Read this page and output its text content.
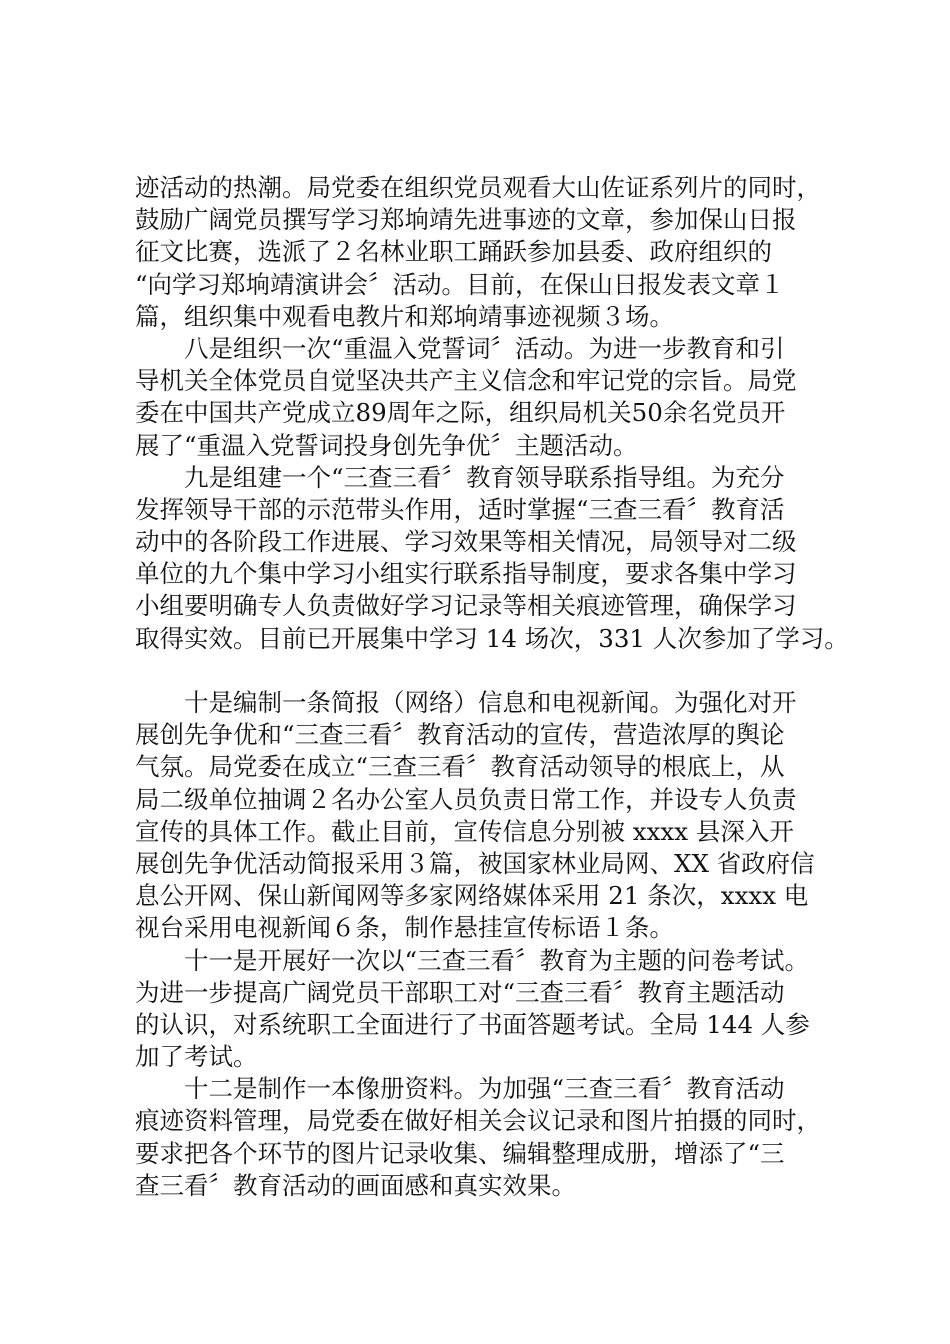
迹活动的热潮。局党委在组织党员观看大山佐证系列片的同时，
鼓励广阔党员撰写学习郑垧靖先进事迹的文章，参加保山日报
征文比赛，选派了２名林业职工踊跃参加县委、政府组织的
“向学习郑垧靖演讲会〞活动。目前，在保山日报发表文章１
篇，组织集中观看电教片和郑垧靖事迹视频３场。
八是组织一次“重温入党誓词〞活动。为进一步教育和引
导机关全体党员自觉坚决共产主义信念和牢记党的宗旨。局党
委在中国共产党成立89周年之际，组织局机关50余名党员开
展了“重温入党誓词投身创先争优〞主题活动。
九是组建一个“三查三看〞教育领导联系指导组。为充分
发挥领导干部的示范带头作用，适时掌握“三查三看〞教育活
动中的各阶段工作进展、学习效果等相关情况，局领导对二级
单位的九个集中学习小组实行联系指导制度，要求各集中学习
小组要明确专人负责做好学习记录等相关痕迹管理，确保学习
取得实效。目前已开展集中学习 14 场次，331 人次参加了学习。
十是编制一条简报（网络）信息和电视新闻。为强化对开
展创先争优和“三查三看〞教育活动的宣传，营造浓厚的舆论
气氛。局党委在成立“三查三看〞教育活动领导的根底上，从
局二级单位抽调２名办公室人员负责日常工作，并设专人负责
宣传的具体工作。截止目前，宣传信息分别被 xxxx 县深入开
展创先争优活动简报采用３篇，被国家林业局网、XX 省政府信
息公开网、保山新闻网等多家网络媒体采用 21 条次，xxxx 电
视台采用电视新闻６条，制作悬挂宣传标语１条。
十一是开展好一次以“三查三看〞教育为主题的问卷考试。
为进一步提高广阔党员干部职工对“三查三看〞教育主题活动
的认识，对系统职工全面进行了书面答题考试。全局 144 人参
加了考试。
十二是制作一本像册资料。为加强“三查三看〞教育活动
痕迹资料管理，局党委在做好相关会议记录和图片拍摄的同时，
要求把各个环节的图片记录收集、编辑整理成册，增添了“三
查三看〞教育活动的画面感和真实效果。
